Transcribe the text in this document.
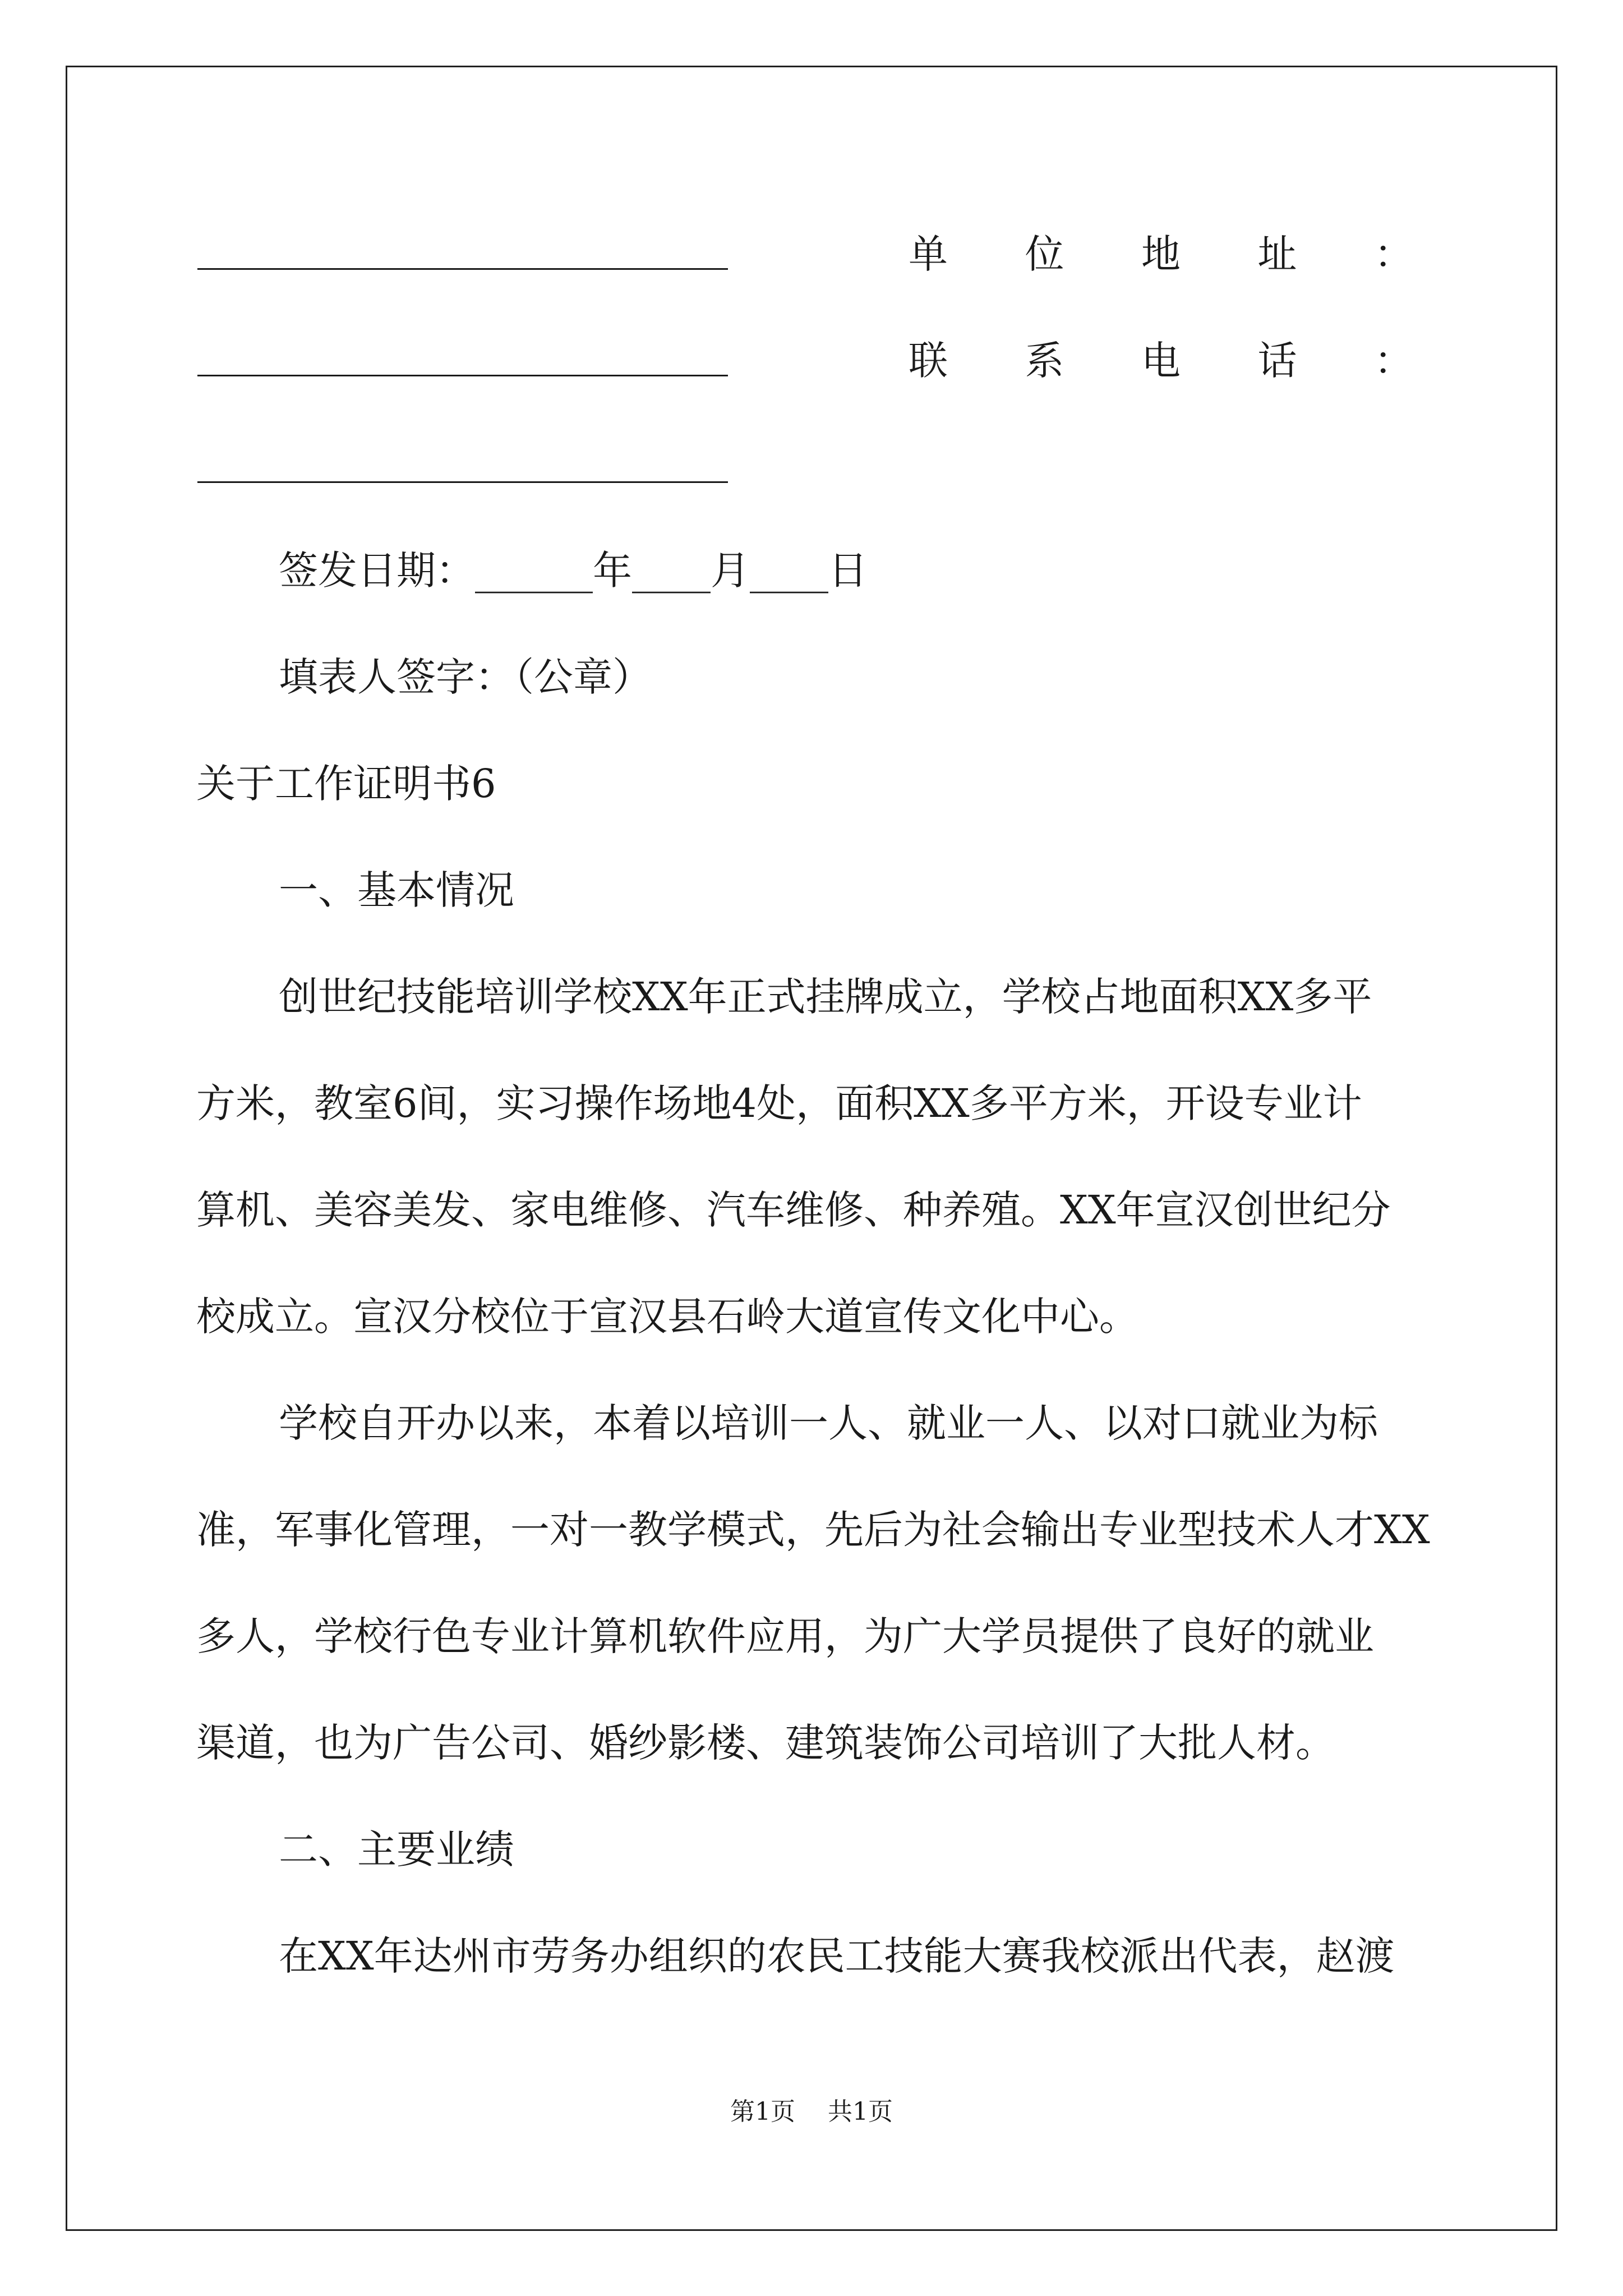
单 位 地 址 ：
联 系 电 话 ：
签发日期：______年____月____日
填表人签字：（公章）
关于工作证明书6
一、基本情况
创世纪技能培训学校XX年正式挂牌成立，学校占地面积XX多平
方米，教室6间，实习操作场地4处，面积XX多平方米，开设专业计
算机、美容美发、家电维修、汽车维修、种养殖。XX年宣汉创世纪分
校成立。宣汉分校位于宣汉县石岭大道宣传文化中心。
学校自开办以来，本着以培训一人、就业一人、以对口就业为标
准，军事化管理，一对一教学模式，先后为社会输出专业型技术人才XX
多人，学校行色专业计算机软件应用，为广大学员提供了良好的就业
渠道，也为广告公司、婚纱影楼、建筑装饰公司培训了大批人材。
二、主要业绩
在XX年达州市劳务办组织的农民工技能大赛我校派出代表，赵渡
第1页 共1页
